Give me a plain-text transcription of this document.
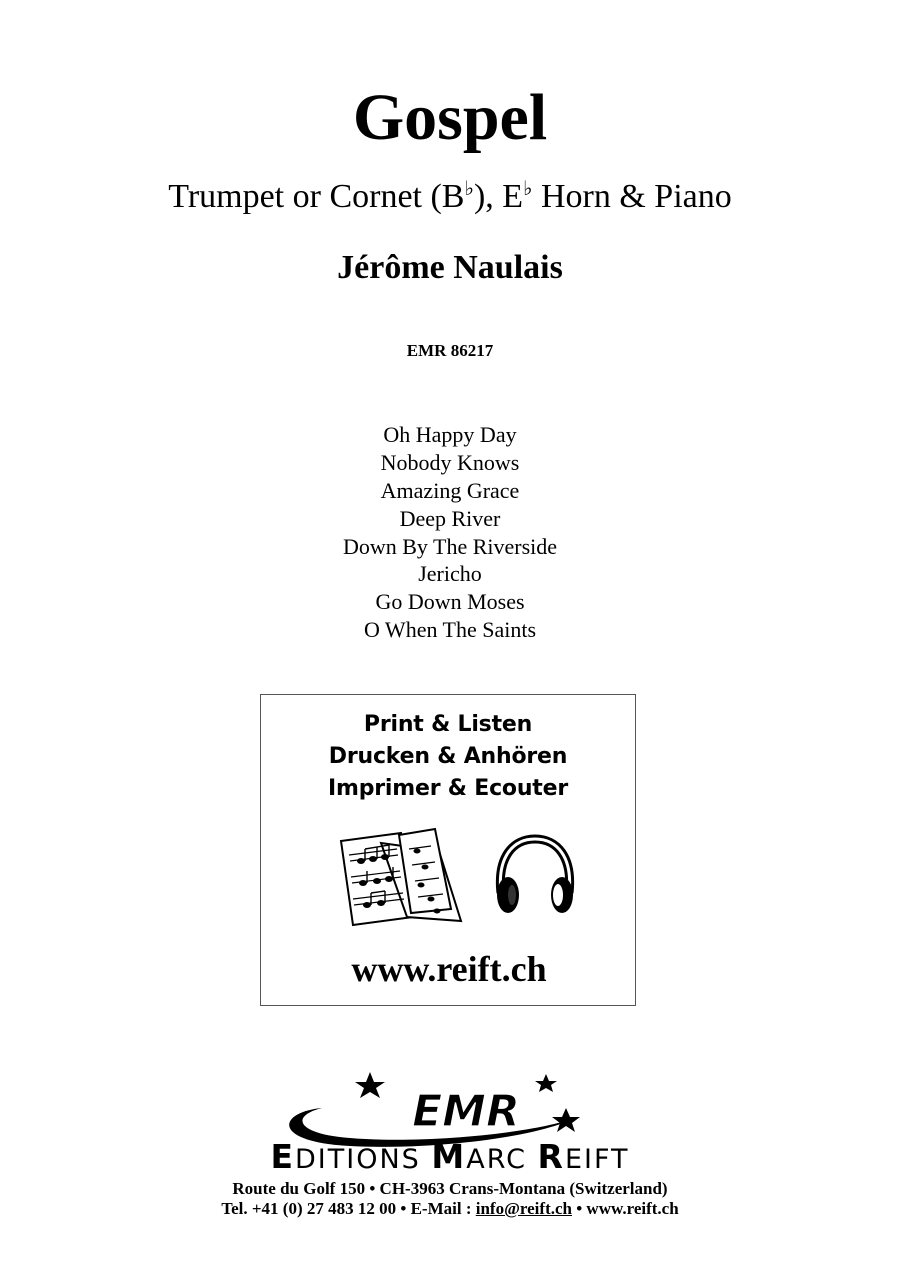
Gospel
Trumpet or Cornet (B♭), E♭ Horn & Piano
Jérôme Naulais
EMR 86217
Oh Happy Day
Nobody Knows
Amazing Grace
Deep River
Down By The Riverside
Jericho
Go Down Moses
O When The Saints
Print & Listen
Drucken & Anhören
Imprimer & Ecouter
www.reift.ch
EMR
EDITIONS MARC REIFT
Route du Golf 150 • CH-3963 Crans-Montana (Switzerland)
Tel. +41 (0) 27 483 12 00 • E-Mail : info@reift.ch • www.reift.ch
